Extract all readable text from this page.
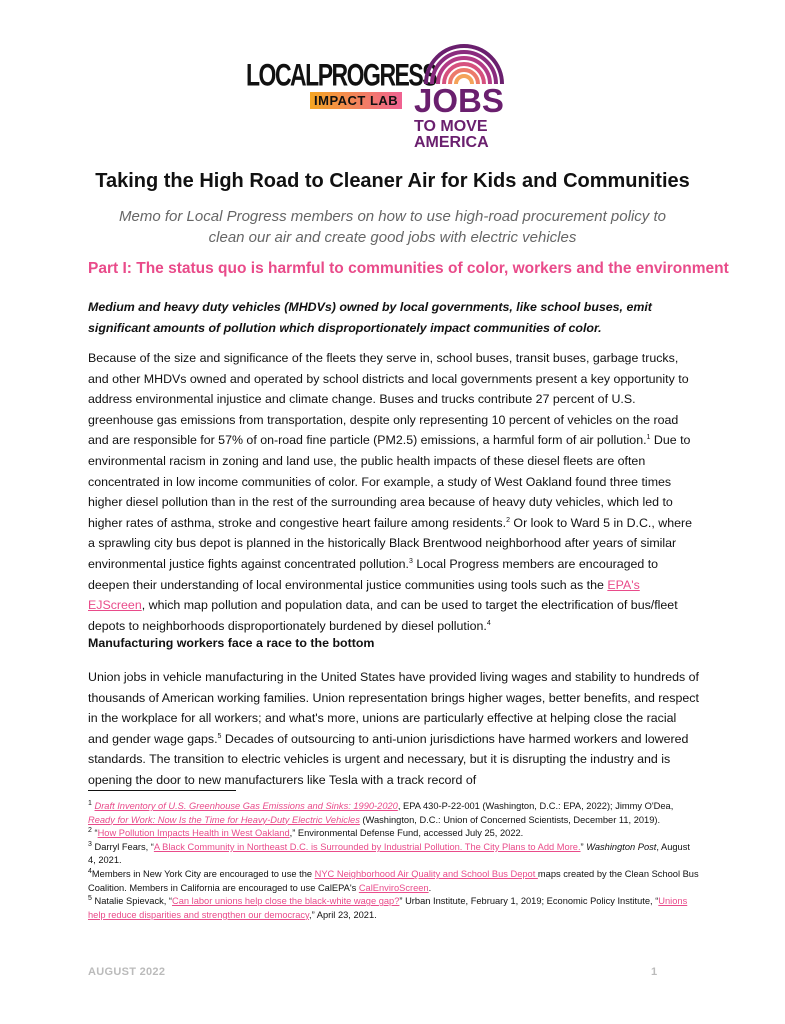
LOCALPROGRESS
IMPACT LAB JOBS
TO MOVE
AMERICA
Taking the High Road to Cleaner Air for Kids and Communities

Memo for Local Progress members on how to use high-road procurement policy to clean our air and create good jobs with electric vehicles

Part I: The status quo is harmful to communities of color, workers and the environment

Medium and heavy duty vehicles (MHDVs) owned by local governments, like school buses, emit significant amounts of pollution which disproportionately impact communities of color.

Because of the size and significance of the fleets they serve in, school buses, transit buses, garbage trucks, and other MHDVs owned and operated by school districts and local governments present a key opportunity to address environmental injustice and climate change. Buses and trucks contribute 27 percent of U.S. greenhouse gas emissions from transportation, despite only representing 10 percent of vehicles on the road and are responsible for 57% of on-road fine particle (PM2.5) emissions, a harmful form of air pollution.$^1$ Due to environmental racism in zoning and land use, the public health impacts of these diesel fleets are often concentrated in low income communities of color. For example, a study of West Oakland found three times higher diesel pollution than in the rest of the surrounding area because of heavy duty vehicles, which led to higher rates of asthma, stroke and congestive heart failure among residents.$^2$ Or look to Ward 5 in D.C., where a sprawling city bus depot is planned in the historically Black Brentwood neighborhood after years of similar environmental justice fights against concentrated pollution.$^3$ Local Progress members are encouraged to deepen their understanding of local environmental justice communities using tools such as the EPA's EJScreen, which map pollution and population data, and can be used to target the electrification of bus/fleet depots to neighborhoods disproportionately burdened by diesel pollution.$^4$

Manufacturing workers face a race to the bottom

Union jobs in vehicle manufacturing in the United States have provided living wages and stability to hundreds of thousands of American working families. Union representation brings higher wages, better benefits, and respect in the workplace for all workers; and what's more, unions are particularly effective at helping close the racial and gender wage gaps.$^5$ Decades of outsourcing to anti-union jurisdictions have harmed workers and lowered standards. The transition to electric vehicles is urgent and necessary, but it is disrupting the industry and is opening the door to new manufacturers like Tesla with a track record of

$^1$ Draft Inventory of U.S. Greenhouse Gas Emissions and Sinks: 1990-2020, EPA 430-P-22-001 (Washington, D.C.: EPA, 2022); Jimmy O'Dea, Ready for Work: Now Is the Time for Heavy-Duty Electric Vehicles (Washington, D.C.: Union of Concerned Scientists, December 11, 2019).

$^2$ “How Pollution Impacts Health in West Oakland,” Environmental Defense Fund, accessed July 25, 2022.

$^3$ Darryl Fears, “A Black Community in Northeast D.C. is Surrounded by Industrial Pollution. The City Plans to Add More.” Washington Post, August 4, 2021.

$^4$Members in New York City are encouraged to use the NYC Neighborhood Air Quality and School Bus Depot maps created by the Clean School Bus Coalition. Members in California are encouraged to use CalEPA's CalEnviroScreen.

$^5$ Natalie Spievack, “Can labor unions help close the black-white wage gap?” Urban Institute, February 1, 2019; Economic Policy Institute, “Unions help reduce disparities and strengthen our democracy,” April 23, 2021.

AUGUST 2022	1
